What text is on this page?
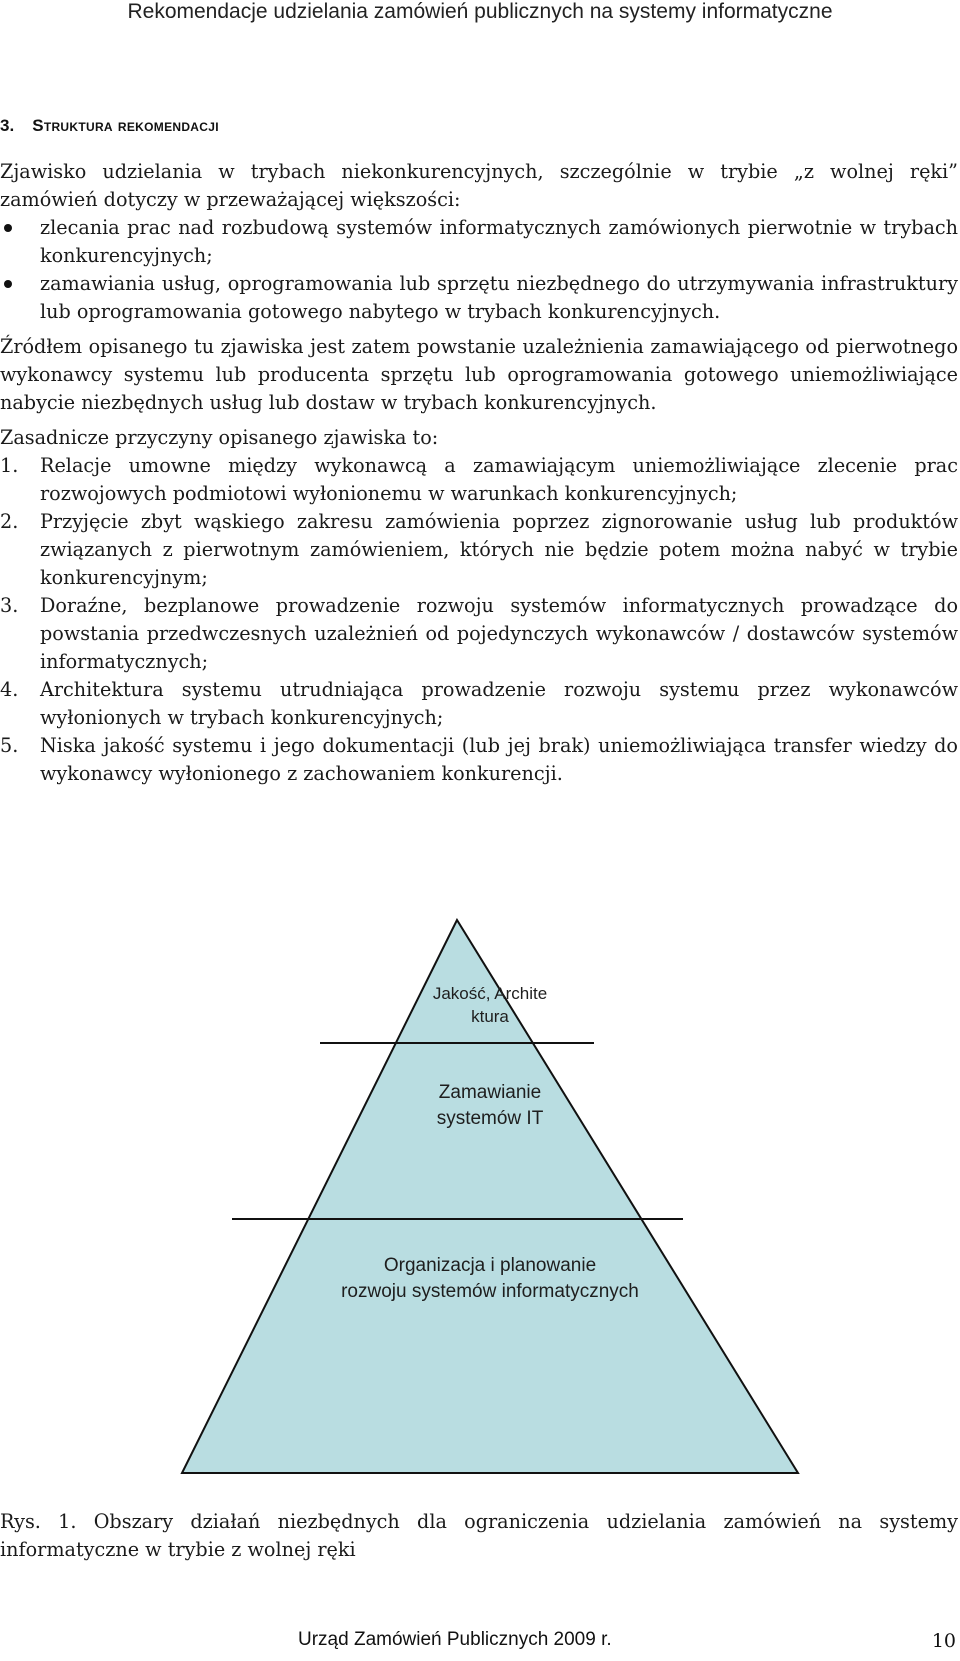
Rekomendacje udzielania zamówień publicznych na systemy informatyczne
3. Struktura rekomendacji

Zjawisko udzielania w trybach niekonkurencyjnych, szczególnie w trybie „z wolnej ręki” zamówień dotyczy w przeważającej większości:

zlecania prac nad rozbudową systemów informatycznych zamówionych pierwotnie w trybach konkurencyjnych;
zamawiania usług, oprogramowania lub sprzętu niezbędnego do utrzymywania infrastruktury lub oprogramowania gotowego nabytego w trybach konkurencyjnych.

Źródłem opisanego tu zjawiska jest zatem powstanie uzależnienia zamawiającego od pierwotnego wykonawcy systemu lub producenta sprzętu lub oprogramowania gotowego uniemożliwiające nabycie niezbędnych usług lub dostaw w trybach konkurencyjnych.

Zasadnicze przyczyny opisanego zjawiska to:

1. Relacje umowne między wykonawcą a zamawiającym uniemożliwiające zlecenie prac rozwojowych podmiotowi wyłonionemu w warunkach konkurencyjnych;
2. Przyjęcie zbyt wąskiego zakresu zamówienia poprzez zignorowanie usług lub produktów związanych z pierwotnym zamówieniem, których nie będzie potem można nabyć w trybie konkurencyjnym;
3. Doraźne, bezplanowe prowadzenie rozwoju systemów informatycznych prowadzące do powstania przedwczesnych uzależnień od pojedynczych wykonawców / dostawców systemów informatycznych;
4. Architektura systemu utrudniająca prowadzenie rozwoju systemu przez wykonawców wyłonionych w trybach konkurencyjnych;
5. Niska jakość systemu i jego dokumentacji (lub jej brak) uniemożliwiająca transfer wiedzy do wykonawcy wyłonionego z zachowaniem konkurencji.
Jakość, Archite ktura
Zamawianie
systemów IT
Organizacja i planowanie
rozwoju systemów informatycznych
Rys. 1. Obszary działań niezbędnych dla ograniczenia udzielania zamówień na systemy informatyczne w trybie z wolnej ręki
Urząd Zamówień Publicznych 2009 r.	10
